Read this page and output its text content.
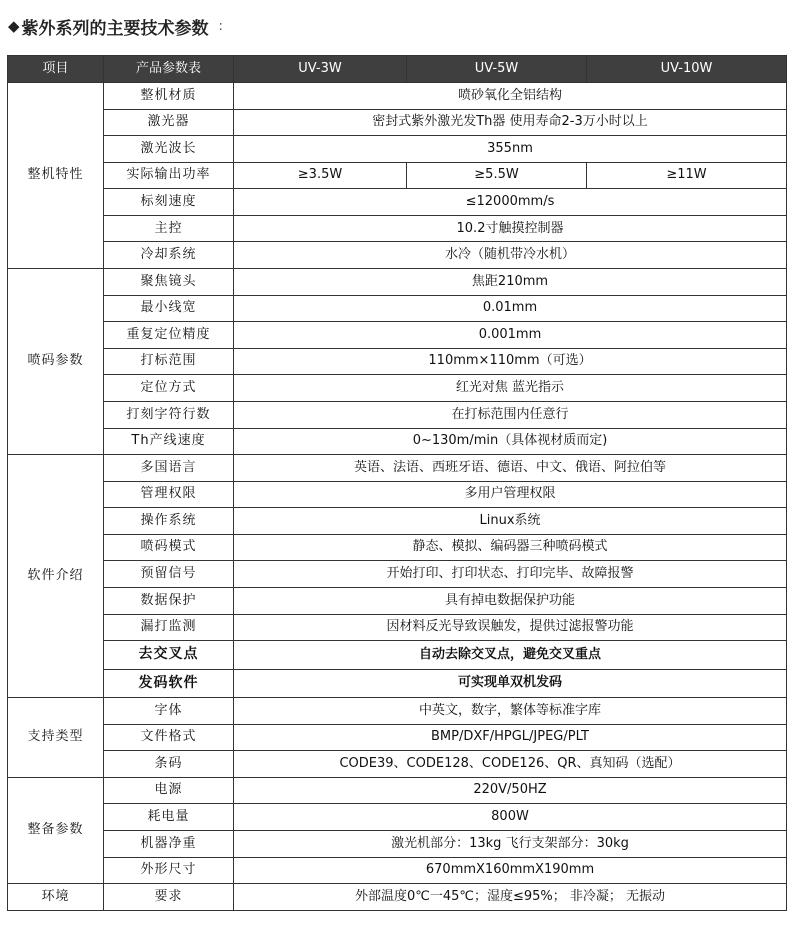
◆ 紫外系列的主要技术参数 :
项目	产品参数表	UV-3W	UV-5W	UV-10W
整机特性	整机材质	喷砂氧化全铝结构		
	激光器	密封式紫外激光发Th器 使用寿命2-3万小时以上		
	激光波长	355nm		
	实际输出功率	≥3.5W	≥5.5W	≥11W
	标刻速度	≤12000mm/s		
	主控	10.2寸触摸控制器		
	冷却系统	水冷（随机带冷水机）		
喷码参数	聚焦镜头	焦距210mm		
	最小线宽	0.01mm		
	重复定位精度	0.001mm		
	打标范围	110mm×110mm（可选）		
	定位方式	红光对焦 蓝光指示		
	打刻字符行数	在打标范围内任意行		
	Th产线速度	0~130m/min（具体视材质而定)		
软件介绍	多国语言	英语、法语、西班牙语、德语、中文、俄语、阿拉伯等		
	管理权限	多用户管理权限		
	操作系统	Linux系统		
	喷码模式	静态、模拟、编码器三种喷码模式		
	预留信号	开始打印、打印状态、打印完毕、故障报警		
	数据保护	具有掉电数据保护功能		
	漏打监测	因材料反光导致误触发，提供过滤报警功能		
	去交叉点	自动去除交叉点，避免交叉重点		
	发码软件	可实现单双机发码		
支持类型	字体	中英文，数字，繁体等标准字库		
	文件格式	BMP/DXF/HPGL/JPEG/PLT		
	条码	CODE39、CODE128、CODE126、QR、真知码（选配）		
整备参数	电源	220V/50HZ		
	耗电量	800W		
	机器净重	激光机部分：13kg 飞行支架部分：30kg		
	外形尺寸	670mmX160mmX190mm		
环境	要求	外部温度0℃一45℃；湿度≤95%； 非冷凝； 无振动		
